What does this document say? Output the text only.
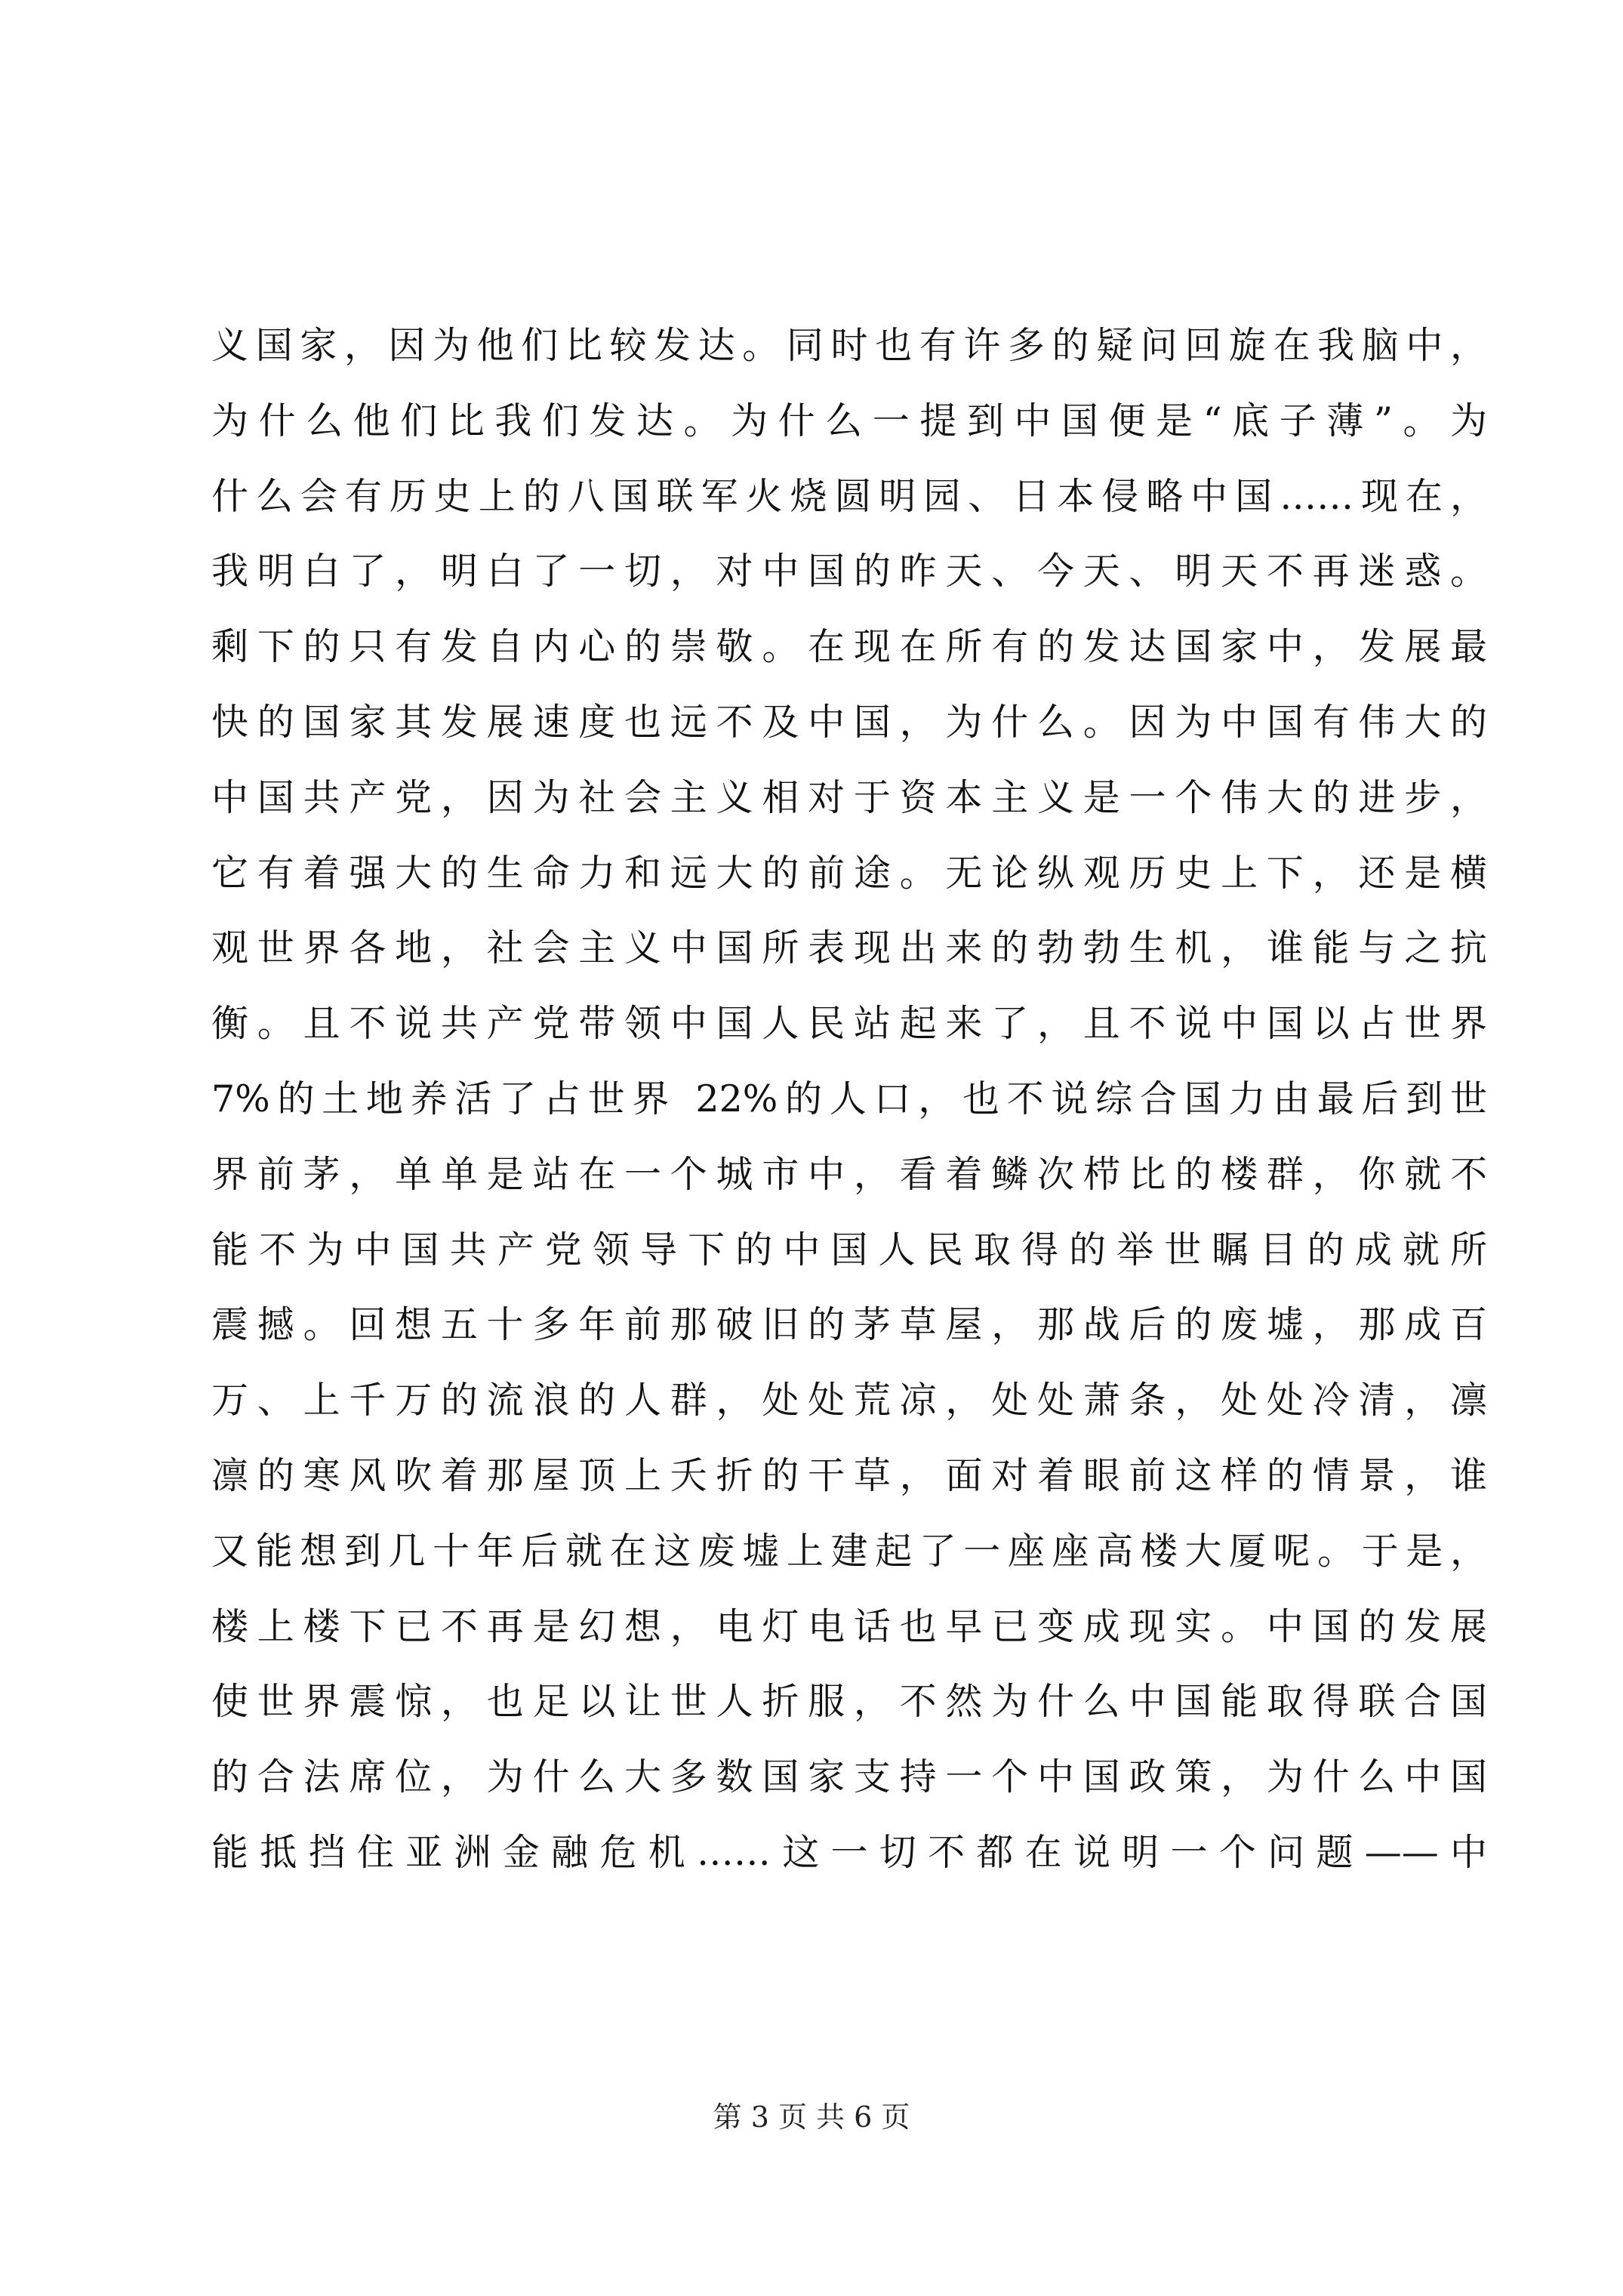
义国家，因为他们比较发达。同时也有许多的疑问回旋在我脑中，
为什么他们比我们发达。为什么一提到中国便是“底子薄”。为
什么会有历史上的八国联军火烧圆明园、日本侵略中国……现在，
我明白了，明白了一切，对中国的昨天、今天、明天不再迷惑。
剩下的只有发自内心的崇敬。在现在所有的发达国家中，发展最
快的国家其发展速度也远不及中国，为什么。因为中国有伟大的
中国共产党，因为社会主义相对于资本主义是一个伟大的进步，
它有着强大的生命力和远大的前途。无论纵观历史上下，还是横
观世界各地，社会主义中国所表现出来的勃勃生机，谁能与之抗
衡。且不说共产党带领中国人民站起来了，且不说中国以占世界
7%的土地养活了占世界 22%的人口，也不说综合国力由最后到世
界前茅，单单是站在一个城市中，看着鳞次栉比的楼群，你就不
能不为中国共产党领导下的中国人民取得的举世瞩目的成就所
震撼。回想五十多年前那破旧的茅草屋，那战后的废墟，那成百
万、上千万的流浪的人群，处处荒凉，处处萧条，处处冷清，凛
凛的寒风吹着那屋顶上夭折的干草，面对着眼前这样的情景，谁
又能想到几十年后就在这废墟上建起了一座座高楼大厦呢。于是，
楼上楼下已不再是幻想，电灯电话也早已变成现实。中国的发展
使世界震惊，也足以让世人折服，不然为什么中国能取得联合国
的合法席位，为什么大多数国家支持一个中国政策，为什么中国
能抵挡住亚洲金融危机……这一切不都在说明一个问题——中
第 3 页 共 6 页
